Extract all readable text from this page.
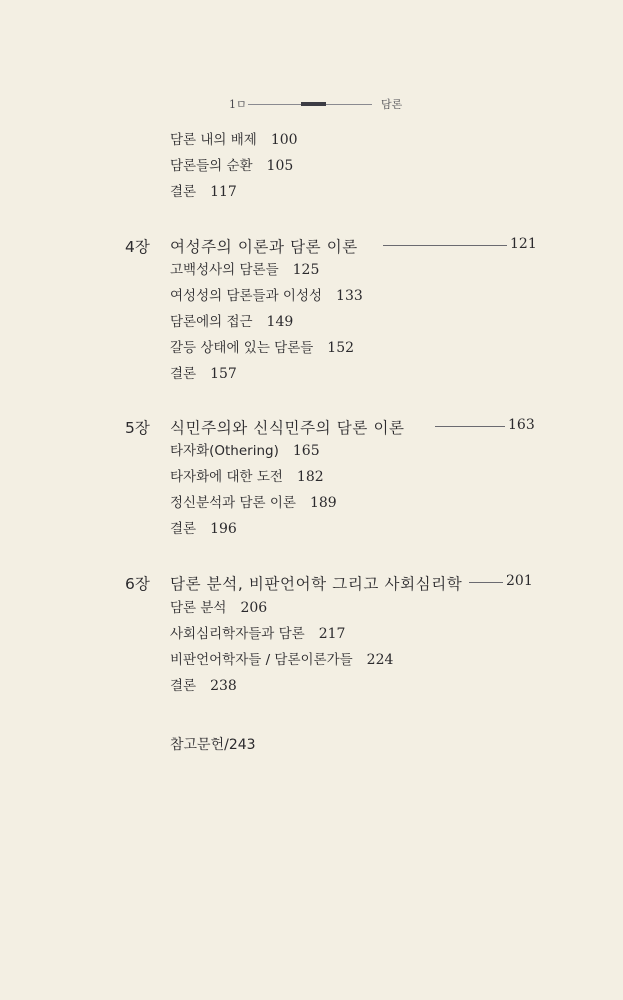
1ㅁ	담론
담론 내의 배제 100
담론들의 순환 105
결론 117
4장 여성주의 이론과 담론 이론	121
고백성사의 담론들 125
여성성의 담론들과 이성성 133
담론에의 접근 149
갈등 상태에 있는 담론들 152
결론 157
5장 식민주의와 신식민주의 담론 이론	163
타자화(Othering) 165
타자화에 대한 도전 182
정신분석과 담론 이론 189
결론 196
6장 담론 분석, 비판언어학 그리고 사회심리학	201
담론 분석 206
사회심리학자들과 담론 217
비판언어학자들 / 담론이론가들 224
결론 238
참고문헌/243
